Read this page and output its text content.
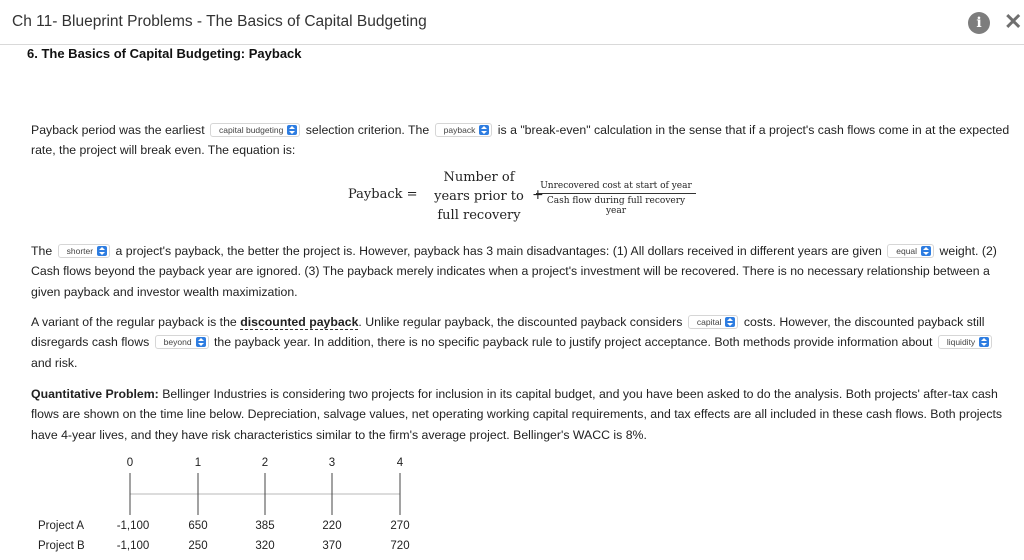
Ch 11- Blueprint Problems - The Basics of Capital Budgeting	i	✕
6. The Basics of Capital Budgeting: Payback
Payback period was the earliest capital budgeting selection criterion. The payback is a "break-even" calculation in the sense that if a project's cash flows come in at the expected rate, the project will break even. The equation is:
Payback =
Number of
years prior to
full recovery
+
Unrecovered cost at start of year
Cash flow during full recovery year
The shorter a project's payback, the better the project is. However, payback has 3 main disadvantages: (1) All dollars received in different years are given equal weight. (2) Cash flows beyond the payback year are ignored. (3) The payback merely indicates when a project's investment will be recovered. There is no necessary relationship between a given payback and investor wealth maximization.
A variant of the regular payback is the discounted payback. Unlike regular payback, the discounted payback considers capital costs. However, the discounted payback still disregards cash flows beyond the payback year. In addition, there is no specific payback rule to justify project acceptance. Both methods provide information about liquidity
and risk.
Quantitative Problem: Bellinger Industries is considering two projects for inclusion in its capital budget, and you have been asked to do the analysis. Both projects' after-tax cash flows are shown on the time line below. Depreciation, salvage values, net operating working capital requirements, and tax effects are all included in these cash flows. Both projects have 4-year lives, and they have risk characteristics similar to the firm's average project. Bellinger's WACC is 8%.
0	1	2	3	4
Project A	-1,100	650	385	220	270
Project B	-1,100	250	320	370	720
